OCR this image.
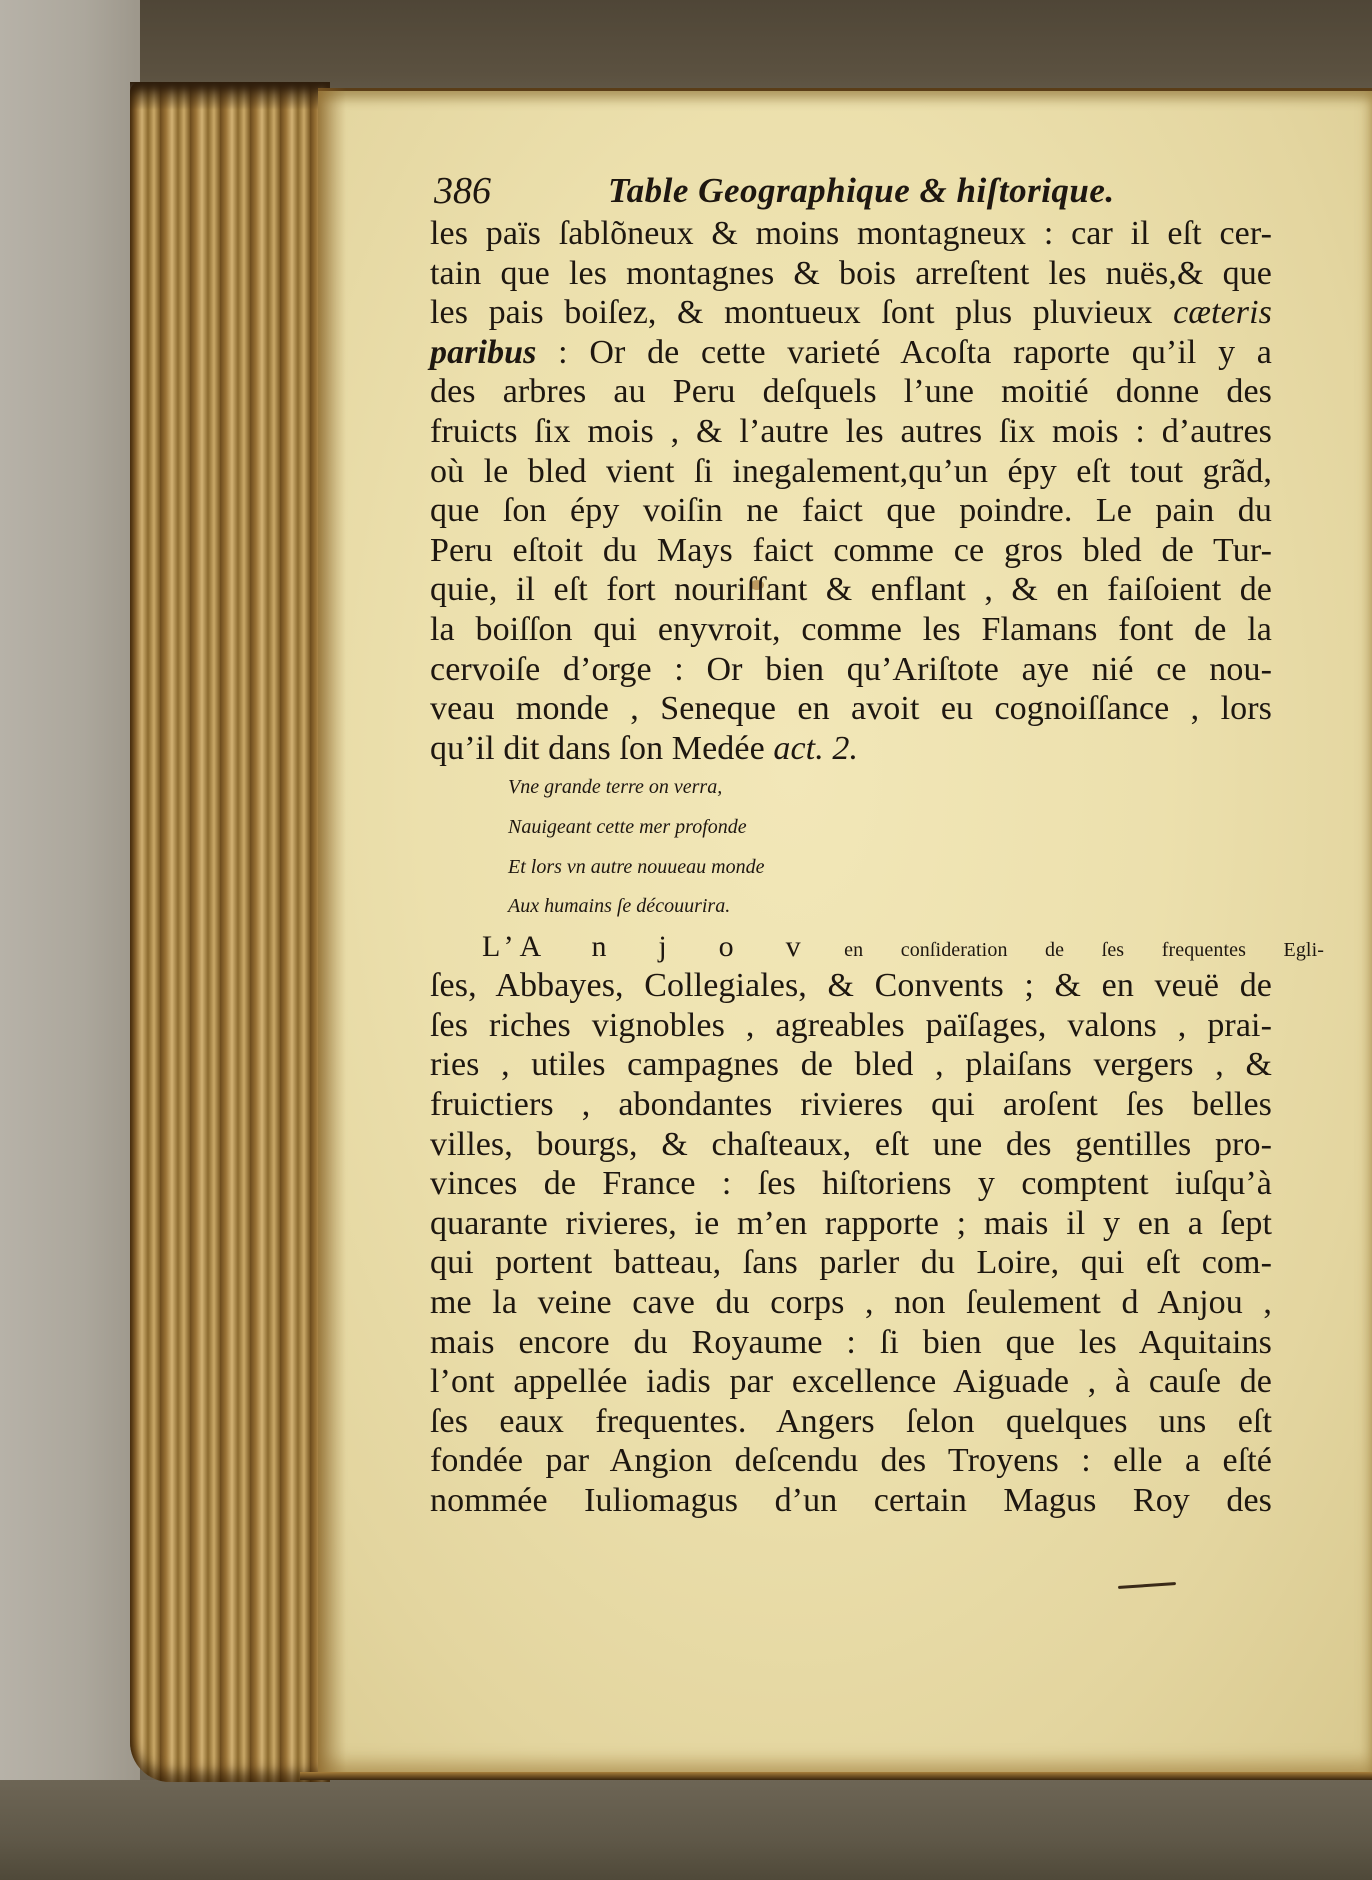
386	Table Geographique & hiſtorique.
les païs ſablõneux & moins montagneux : car il eſt cer-
tain que les montagnes & bois arreſtent les nuës,& que
les pais boiſez, & montueux ſont plus pluvieux cæteris
paribus : Or de cette varieté Acoſta raporte qu’il y a
des arbres au Peru deſquels l’une moitié donne des
fruicts ſix mois , & l’autre les autres ſix mois : d’autres
où le bled vient ſi inegalement,qu’un épy eſt tout grãd,
que ſon épy voiſin ne faict que poindre. Le pain du
Peru eſtoit du Mays faict comme ce gros bled de Tur-
quie, il eſt fort nouriſſant & enflant , & en faiſoient de
la boiſſon qui enyvroit, comme les Flamans font de la
cervoiſe d’orge : Or bien qu’Ariſtote aye nié ce nou-
veau monde , Seneque en avoit eu cognoiſſance , lors
qu’il dit dans ſon Medée act. 2.
Vne grande terre on verra,
Nauigeant cette mer profonde
Et lors vn autre nouueau monde
Aux humains ſe découurira.
L’A n j o v en conſideration de ſes frequentes Egli-
ſes, Abbayes, Collegiales, & Convents ; & en veuë de
ſes riches vignobles , agreables païſages, valons , prai-
ries , utiles campagnes de bled , plaiſans vergers , &
fruictiers , abondantes rivieres qui aroſent ſes belles
villes, bourgs, & chaſteaux, eſt une des gentilles pro-
vinces de France : ſes hiſtoriens y comptent iuſqu’à
quarante rivieres, ie m’en rapporte ; mais il y en a ſept
qui portent batteau, ſans parler du Loire, qui eſt com-
me la veine cave du corps , non ſeulement d Anjou ,
mais encore du Royaume : ſi bien que les Aquitains
l’ont appellée iadis par excellence Aiguade , à cauſe de
ſes eaux frequentes. Angers ſelon quelques uns eſt
fondée par Angion deſcendu des Troyens : elle a eſté
nommée Iuliomagus d’un certain Magus Roy des
